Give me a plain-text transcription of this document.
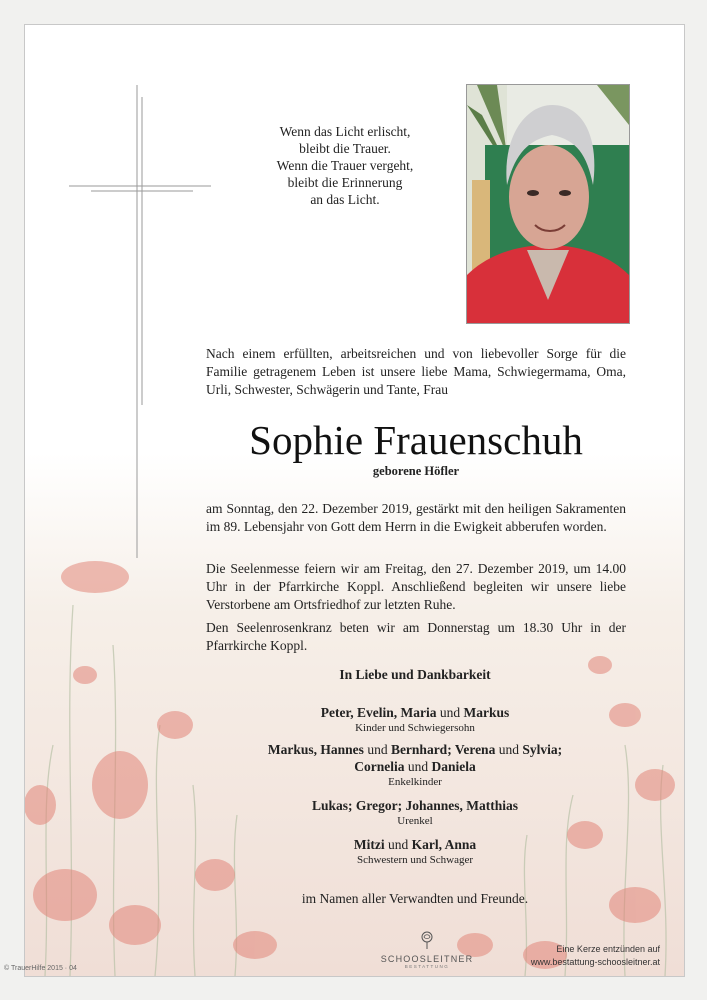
Wenn das Licht erlischt,
bleibt die Trauer.
Wenn die Trauer vergeht,
bleibt die Erinnerung
an das Licht.
Nach einem erfüllten, arbeitsreichen und von liebevoller Sorge für die Familie getragenem Leben ist unsere liebe Mama, Schwiegermama, Oma, Urli, Schwester, Schwägerin und Tante, Frau
Sophie Frauenschuh
geborene Höfler
am Sonntag, den 22. Dezember 2019, gestärkt mit den heiligen Sakramenten im 89. Lebensjahr von Gott dem Herrn in die Ewigkeit abberufen worden.
Die Seelenmesse feiern wir am Freitag, den 27. Dezember 2019, um 14.00 Uhr in der Pfarrkirche Koppl. Anschließend begleiten wir unsere liebe Verstorbene am Ortsfriedhof zur letzten Ruhe.
Den Seelenrosenkranz beten wir am Donnerstag um 18.30 Uhr in der Pfarrkirche Koppl.
In Liebe und Dankbarkeit
Peter, Evelin, Maria und Markus
Kinder und Schwiegersohn
Markus, Hannes und Bernhard; Verena und Sylvia;
Cornelia und Daniela
Enkelkinder
Lukas; Gregor; Johannes, Matthias
Urenkel
Mitzi und Karl, Anna
Schwestern und Schwager
im Namen aller Verwandten und Freunde.
SCHOOSLEITNER
BESTATTUNG
Eine Kerze entzünden auf
www.bestattung-schoosleitner.at
© TrauerHilfe 2015 · 04
